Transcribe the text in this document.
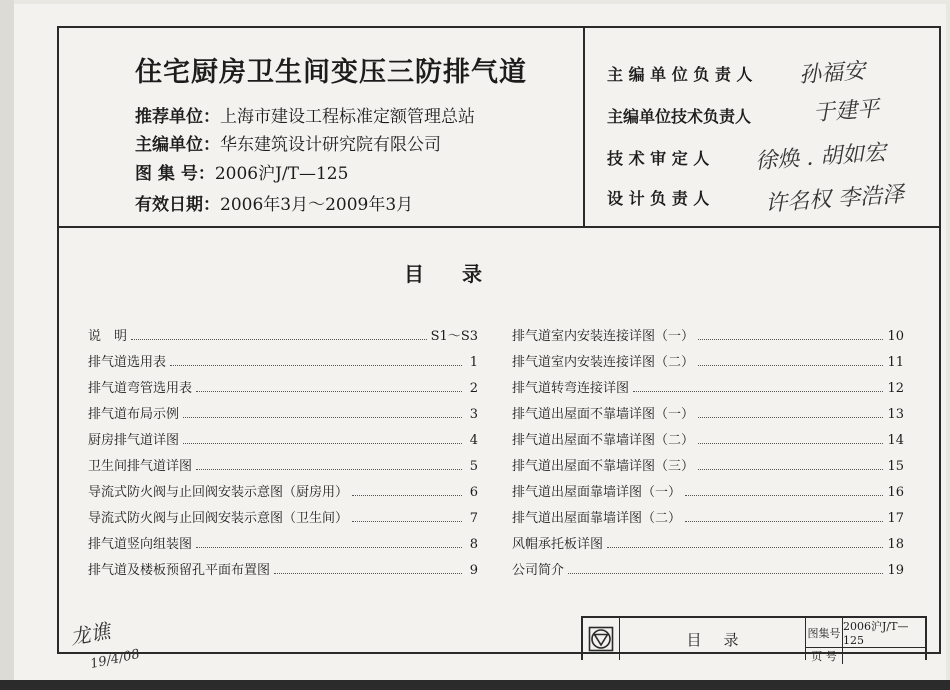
住宅厨房卫生间变压三防排气道
推荐单位：上海市建设工程标准定额管理总站
主编单位：华东建筑设计研究院有限公司
图 集 号：2006沪J/T—125
有效日期：2006年3月～2009年3月
主 编 单 位 负 责 人 孙福安
主编单位技术负责人	于建平
技 术 审 定 人 徐焕 . 胡如宏
设 计 负 责 人	许名权 李浩泽
目录
说　明	S1～S3
排气道选用表	1
排气道弯管选用表	2
排气道布局示例	3
厨房排气道详图	4
卫生间排气道详图	5
导流式防火阀与止回阀安装示意图（厨房用）	6
导流式防火阀与止回阀安装示意图（卫生间）	7
排气道竖向组装图	8
排气道及楼板预留孔平面布置图	9
排气道室内安装连接详图（一）	10
排气道室内安装连接详图（二）	11
排气道转弯连接详图	12
排气道出屋面不靠墙详图（一）	13
排气道出屋面不靠墙详图（二）	14
排气道出屋面不靠墙详图（三）	15
排气道出屋面靠墙详图（一）	16
排气道出屋面靠墙详图（二）	17
风帽承托板详图	18
公司简介	19
目录	图集号 2006沪J/T—125
页 号
龙谯
19/4/08
